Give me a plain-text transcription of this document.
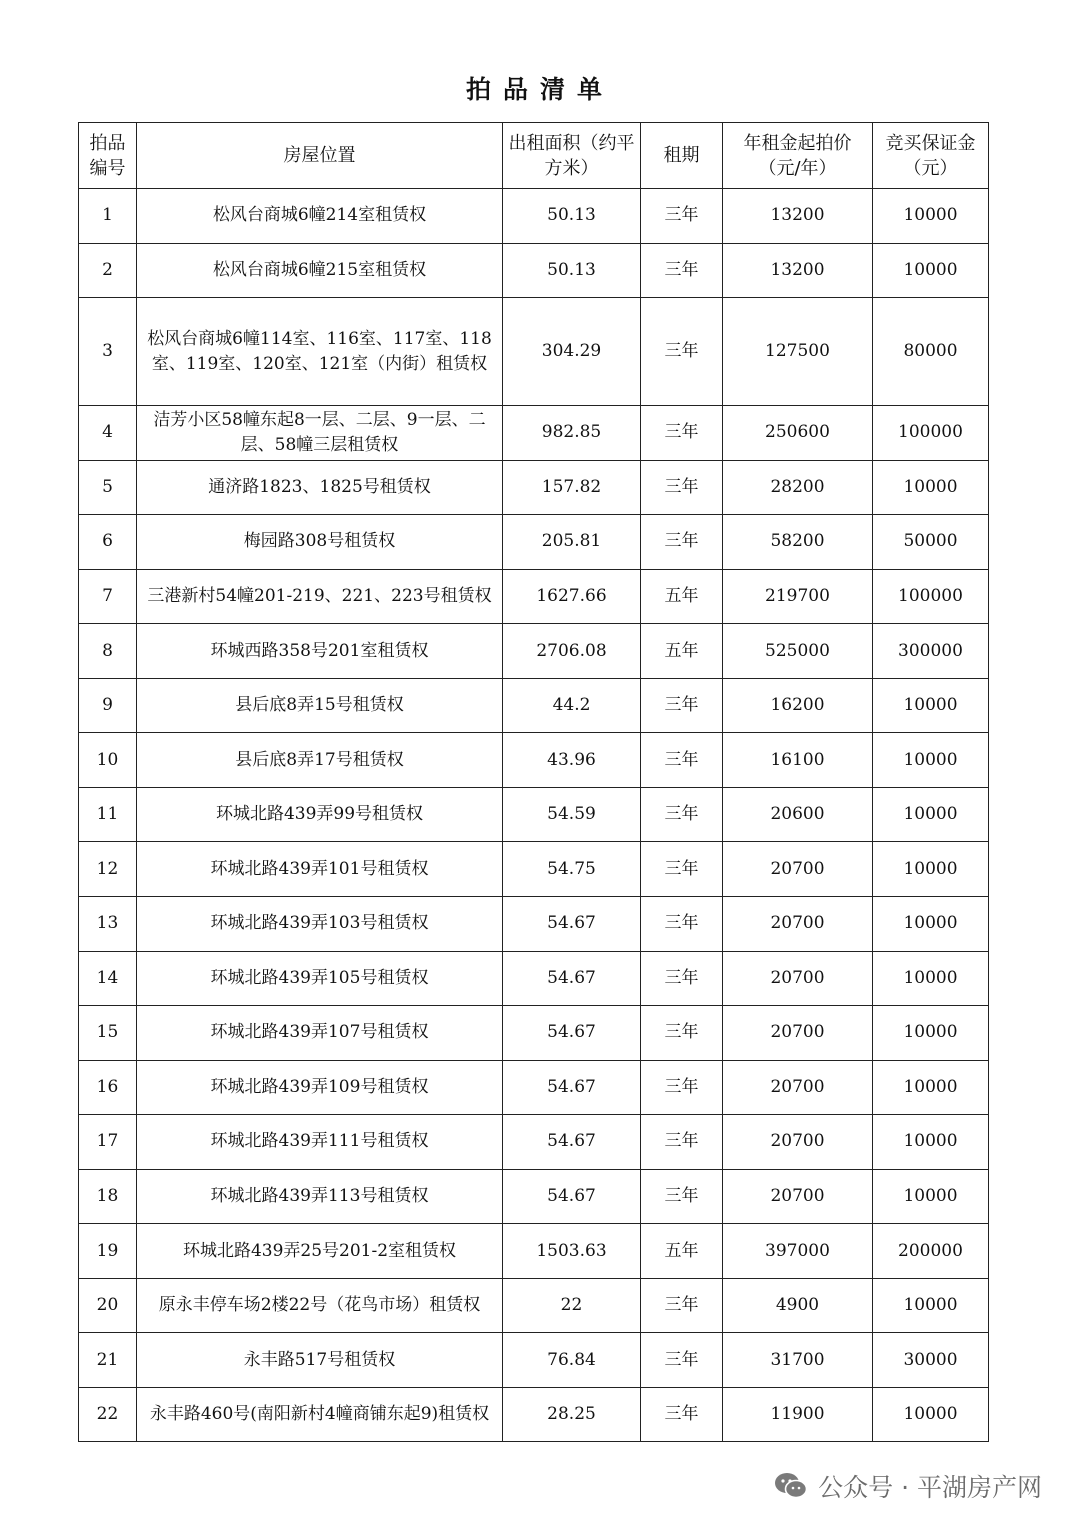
拍品清单
拍品编号	房屋位置	出租面积（约平方米）	租期	年租金起拍价（元/年）	竞买保证金（元）
1	松风台商城6幢214室租赁权	50.13	三年	13200	10000
2	松风台商城6幢215室租赁权	50.13	三年	13200	10000
3	松风台商城6幢114室、116室、117室、118室、119室、120室、121室（内街）租赁权	304.29	三年	127500	80000
4	洁芳小区58幢东起8一层、二层、9一层、二层、58幢三层租赁权	982.85	三年	250600	100000
5	通济路1823、1825号租赁权	157.82	三年	28200	10000
6	梅园路308号租赁权	205.81	三年	58200	50000
7	三港新村54幢201-219、221、223号租赁权	1627.66	五年	219700	100000
8	环城西路358号201室租赁权	2706.08	五年	525000	300000
9	县后底8弄15号租赁权	44.2	三年	16200	10000
10	县后底8弄17号租赁权	43.96	三年	16100	10000
11	环城北路439弄99号租赁权	54.59	三年	20600	10000
12	环城北路439弄101号租赁权	54.75	三年	20700	10000
13	环城北路439弄103号租赁权	54.67	三年	20700	10000
14	环城北路439弄105号租赁权	54.67	三年	20700	10000
15	环城北路439弄107号租赁权	54.67	三年	20700	10000
16	环城北路439弄109号租赁权	54.67	三年	20700	10000
17	环城北路439弄111号租赁权	54.67	三年	20700	10000
18	环城北路439弄113号租赁权	54.67	三年	20700	10000
19	环城北路439弄25号201-2室租赁权	1503.63	五年	397000	200000
20	原永丰停车场2楼22号（花鸟市场）租赁权	22	三年	4900	10000
21	永丰路517号租赁权	76.84	三年	31700	30000
22	永丰路460号(南阳新村4幢商铺东起9)租赁权	28.25	三年	11900	10000
公众号 · 平湖房产网
